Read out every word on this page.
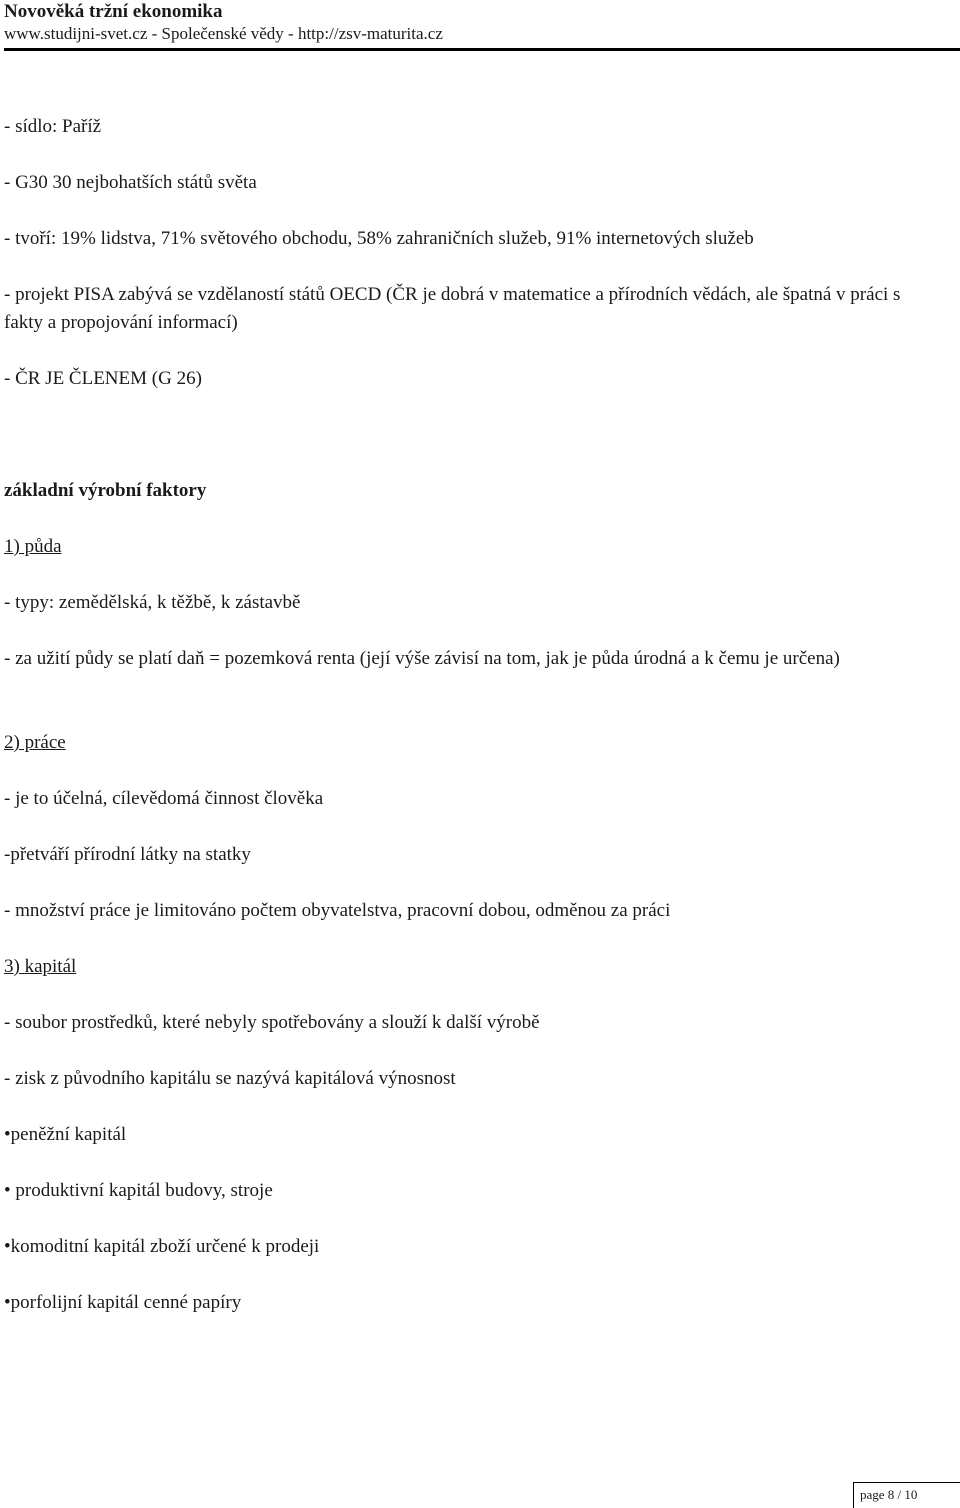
Novověká tržní ekonomika
www.studijni-svet.cz - Společenské vědy - http://zsv-maturita.cz
- sídlo: Paříž
- G30 30 nejbohatších států světa
- tvoří: 19% lidstva, 71% světového obchodu, 58% zahraničních služeb, 91% internetových služeb
- projekt PISA zabývá se vzdělaností států OECD (ČR je dobrá v matematice a přírodních vědách, ale špatná v práci s fakty a propojování informací)
- ČR JE ČLENEM (G 26)
základní výrobní faktory
1) půda
- typy: zemědělská, k těžbě, k zástavbě
- za užití půdy se platí daň = pozemková renta (její výše závisí na tom, jak je půda úrodná a k čemu je určena)
2) práce
- je to účelná, cílevědomá činnost člověka
-přetváří přírodní látky na statky
- množství práce je limitováno počtem obyvatelstva, pracovní dobou, odměnou za práci
3) kapitál
- soubor prostředků, které nebyly spotřebovány a slouží k další výrobě
- zisk z původního kapitálu se nazývá kapitálová výnosnost
•peněžní kapitál
• produktivní kapitál budovy, stroje
•komoditní kapitál zboží určené k prodeji
•porfolijní kapitál cenné papíry
page 8 / 10
